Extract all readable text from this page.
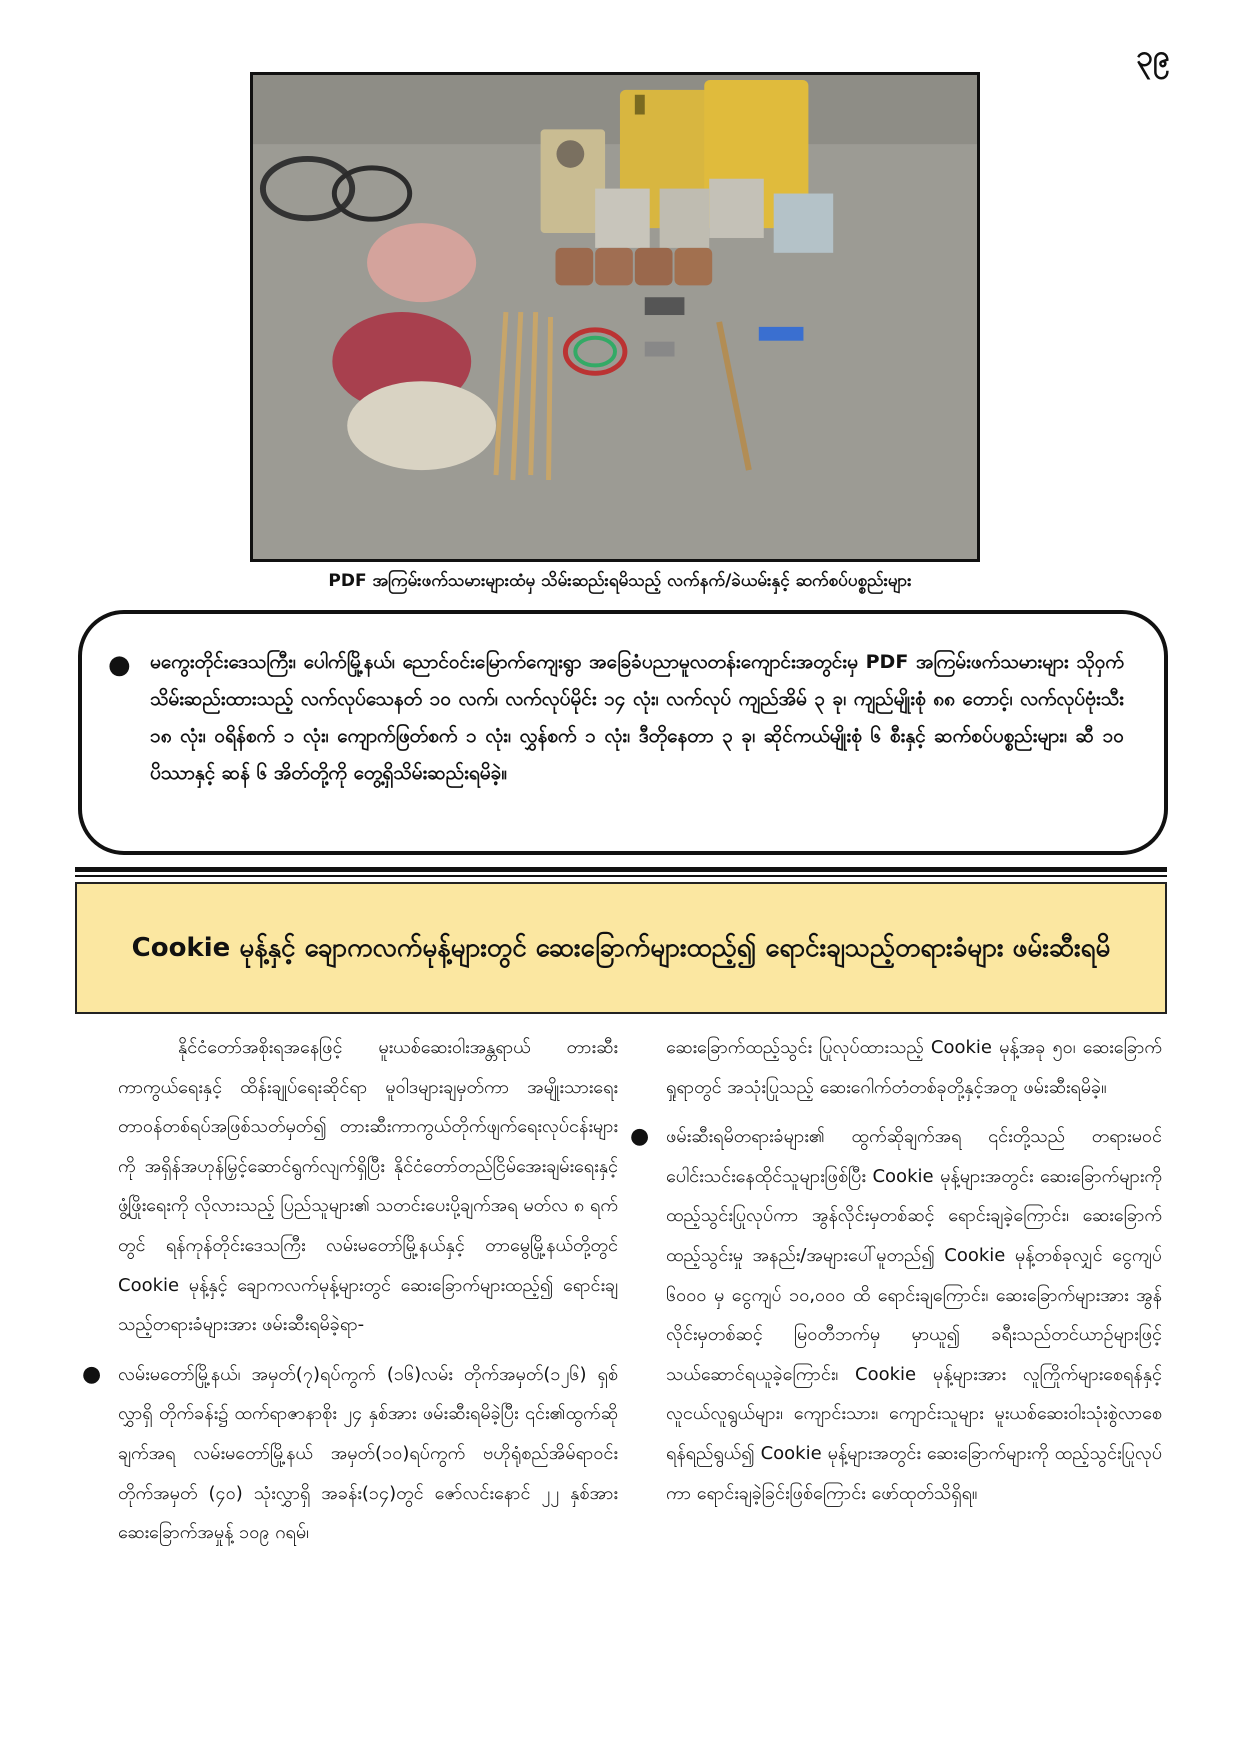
၃၉
PDF အကြမ်းဖက်သမားများထံမှ သိမ်းဆည်းရမိသည့် လက်နက်/ခဲယမ်းနှင့် ဆက်စပ်ပစ္စည်းများ
●	မကွေးတိုင်းဒေသကြီး၊ ပေါက်မြို့နယ်၊ ညောင်ဝင်းမြောက်ကျေးရွာ အခြေခံပညာမူလတန်းကျောင်းအတွင်းမှ PDF အကြမ်းဖက်သမားများ သိုဝှက်သိမ်းဆည်းထားသည့် လက်လုပ်သေနတ် ၁၀ လက်၊ လက်လုပ်မိုင်း ၁၄ လုံး၊ လက်လုပ် ကျည်အိမ် ၃ ခု၊ ကျည်မျိုးစုံ ၈၈ တောင့်၊ လက်လုပ်ဗုံးသီး ၁၈ လုံး၊ ဝရိန်စက် ၁ လုံး၊ ကျောက်ဖြတ်စက် ၁ လုံး၊ လွှန်စက် ၁ လုံး၊ ဒီတိုနေတာ ၃ ခု၊ ဆိုင်ကယ်မျိုးစုံ ၆ စီးနှင့် ဆက်စပ်ပစ္စည်းများ၊ ဆီ ၁၀ ပိဿာနှင့် ဆန် ၆ အိတ်တို့ကို တွေ့ရှိသိမ်းဆည်းရမိခဲ့။

Cookie မုန့်နှင့် ချောကလက်မုန့်များတွင် ဆေးခြောက်များထည့်၍ ရောင်းချသည့်တရားခံများ ဖမ်းဆီးရမိ

နိုင်ငံတော်အစိုးရအနေဖြင့် မူးယစ်ဆေးဝါးအန္တရာယ် တားဆီးကာကွယ်ရေးနှင့် ထိန်းချုပ်ရေးဆိုင်ရာ မူဝါဒများချမှတ်ကာ အမျိုးသားရေးတာဝန်တစ်ရပ်အဖြစ်သတ်မှတ်၍ တားဆီးကာကွယ်တိုက်ဖျက်ရေးလုပ်ငန်းများကို အရှိန်အဟုန်မြှင့်ဆောင်ရွက်လျက်ရှိပြီး နိုင်ငံတော်တည်ငြိမ်အေးချမ်းရေးနှင့် ဖွံ့ဖြိုးရေးကို လိုလားသည့် ပြည်သူများ၏ သတင်းပေးပို့ချက်အရ မတ်လ ၈ ရက်တွင် ရန်ကုန်တိုင်းဒေသကြီး လမ်းမတော်မြို့နယ်နှင့် တာမွေမြို့နယ်တို့တွင် Cookie မုန့်နှင့် ချောကလက်မုန့်များတွင် ဆေးခြောက်များထည့်၍ ရောင်းချသည့်တရားခံများအား ဖမ်းဆီးရမိခဲ့ရာ-

● လမ်းမတော်မြို့နယ်၊ အမှတ်(၇)ရပ်ကွက် (၁၆)လမ်း တိုက်အမှတ်(၁၂၆) ရှစ်လွှာရှိ တိုက်ခန်း၌ ထက်ရာဇာနာစိုး ၂၄ နှစ်အား ဖမ်းဆီးရမိခဲ့ပြီး ၎င်း၏ထွက်ဆိုချက်အရ လမ်းမတော်မြို့နယ် အမှတ်(၁၀)ရပ်ကွက် ဗဟိုရုံစည်အိမ်ရာဝင်း တိုက်အမှတ် (၄၀) သုံးလွှာရှိ အခန်း(၁၄)တွင် ဇော်လင်းနောင် ၂၂ နှစ်အား ဆေးခြောက်အမှုန့် ၁၀၉ ဂရမ်၊

ဆေးခြောက်ထည့်သွင်း ပြုလုပ်ထားသည့် Cookie မုန့်အခု ၅၀၊ ဆေးခြောက်ရှုရာတွင် အသုံးပြုသည့် ဆေးဂေါက်တံတစ်ခုတို့နှင့်အတူ ဖမ်းဆီးရမိခဲ့။

● ဖမ်းဆီးရမိတရားခံများ၏ ထွက်ဆိုချက်အရ ၎င်းတို့သည် တရားမဝင်ပေါင်းသင်းနေထိုင်သူများဖြစ်ပြီး Cookie မုန့်များအတွင်း ဆေးခြောက်များကို ထည့်သွင်းပြုလုပ်ကာ အွန်လိုင်းမှတစ်ဆင့် ရောင်းချခဲ့ကြောင်း၊ ဆေးခြောက်ထည့်သွင်းမှု အနည်း/အများပေါ်မူတည်၍ Cookie မုန့်တစ်ခုလျှင် ငွေကျပ် ၆၀၀၀ မှ ငွေကျပ် ၁၀,၀၀၀ ထိ ရောင်းချကြောင်း၊ ဆေးခြောက်များအား အွန်လိုင်းမှတစ်ဆင့် မြဝတီဘက်မှ မှာယူ၍ ခရီးသည်တင်ယာဉ်များဖြင့် သယ်ဆောင်ရယူခဲ့ကြောင်း၊ Cookie မုန့်များအား လူကြိုက်များစေရန်နှင့် လူငယ်လူရွယ်များ၊ ကျောင်းသား၊ ကျောင်းသူများ မူးယစ်ဆေးဝါးသုံးစွဲလာစေရန်ရည်ရွယ်၍ Cookie မုန့်များအတွင်း ဆေးခြောက်များကို ထည့်သွင်းပြုလုပ်ကာ ရောင်းချခဲ့ခြင်းဖြစ်ကြောင်း ဖော်ထုတ်သိရှိရ။
